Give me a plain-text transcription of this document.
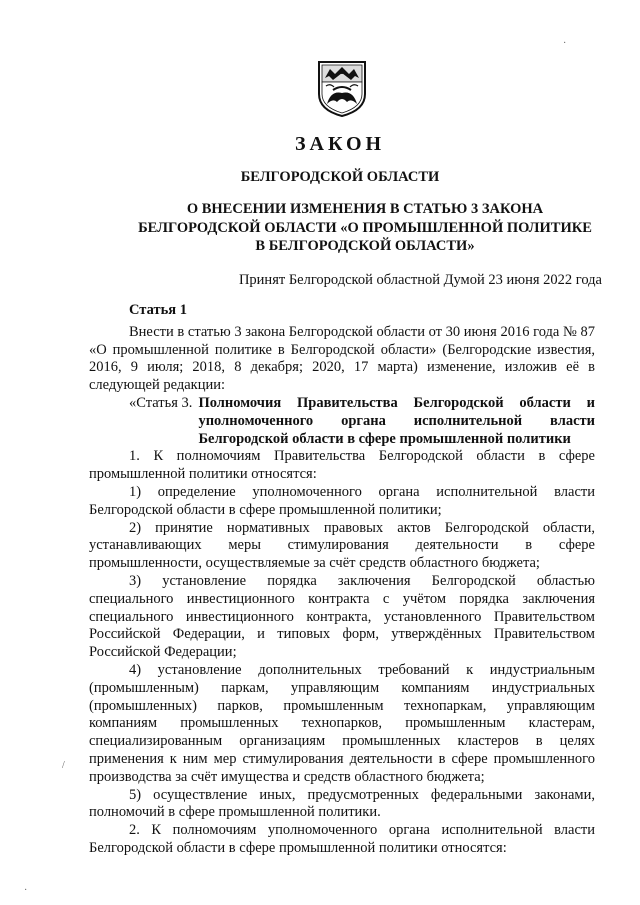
ЗАКОН
БЕЛГОРОДСКОЙ ОБЛАСТИ
О ВНЕСЕНИИ ИЗМЕНЕНИЯ В СТАТЬЮ 3 ЗАКОНА
БЕЛГОРОДСКОЙ ОБЛАСТИ «О ПРОМЫШЛЕННОЙ ПОЛИТИКЕ
В БЕЛГОРОДСКОЙ ОБЛАСТИ»
Принят Белгородской областной Думой 23 июня 2022 года

Статья 1

Внести в статью 3 закона Белгородской области от 30 июня 2016 года № 87 «О промышленной политике в Белгородской области» (Белгородские известия, 2016, 9 июля; 2018, 8 декабря; 2020, 17 марта) изменение, изложив её в следующей редакции:

«Статья 3. Полномочия Правительства Белгородской области и уполномоченного органа исполнительной власти Белгородской области в сфере промышленной политики

1. К полномочиям Правительства Белгородской области в сфере промышленной политики относятся:

1) определение уполномоченного органа исполнительной власти Белгородской области в сфере промышленной политики;

2) принятие нормативных правовых актов Белгородской области, устанавливающих меры стимулирования деятельности в сфере промышленности, осуществляемые за счёт средств областного бюджета;

3) установление порядка заключения Белгородской областью специального инвестиционного контракта с учётом порядка заключения специального инвестиционного контракта, установленного Правительством Российской Федерации, и типовых форм, утверждённых Правительством Российской Федерации;

4) установление дополнительных требований к индустриальным (промышленным) паркам, управляющим компаниям индустриальных (промышленных) парков, промышленным технопаркам, управляющим компаниям промышленных технопарков, промышленным кластерам, специализированным организациям промышленных кластеров в целях применения к ним мер стимулирования деятельности в сфере промышленного производства за счёт имущества и средств областного бюджета;

5) осуществление иных, предусмотренных федеральными законами, полномочий в сфере промышленной политики.

2. К полномочиям уполномоченного органа исполнительной власти Белгородской области в сфере промышленной политики относятся:

·
/
·
